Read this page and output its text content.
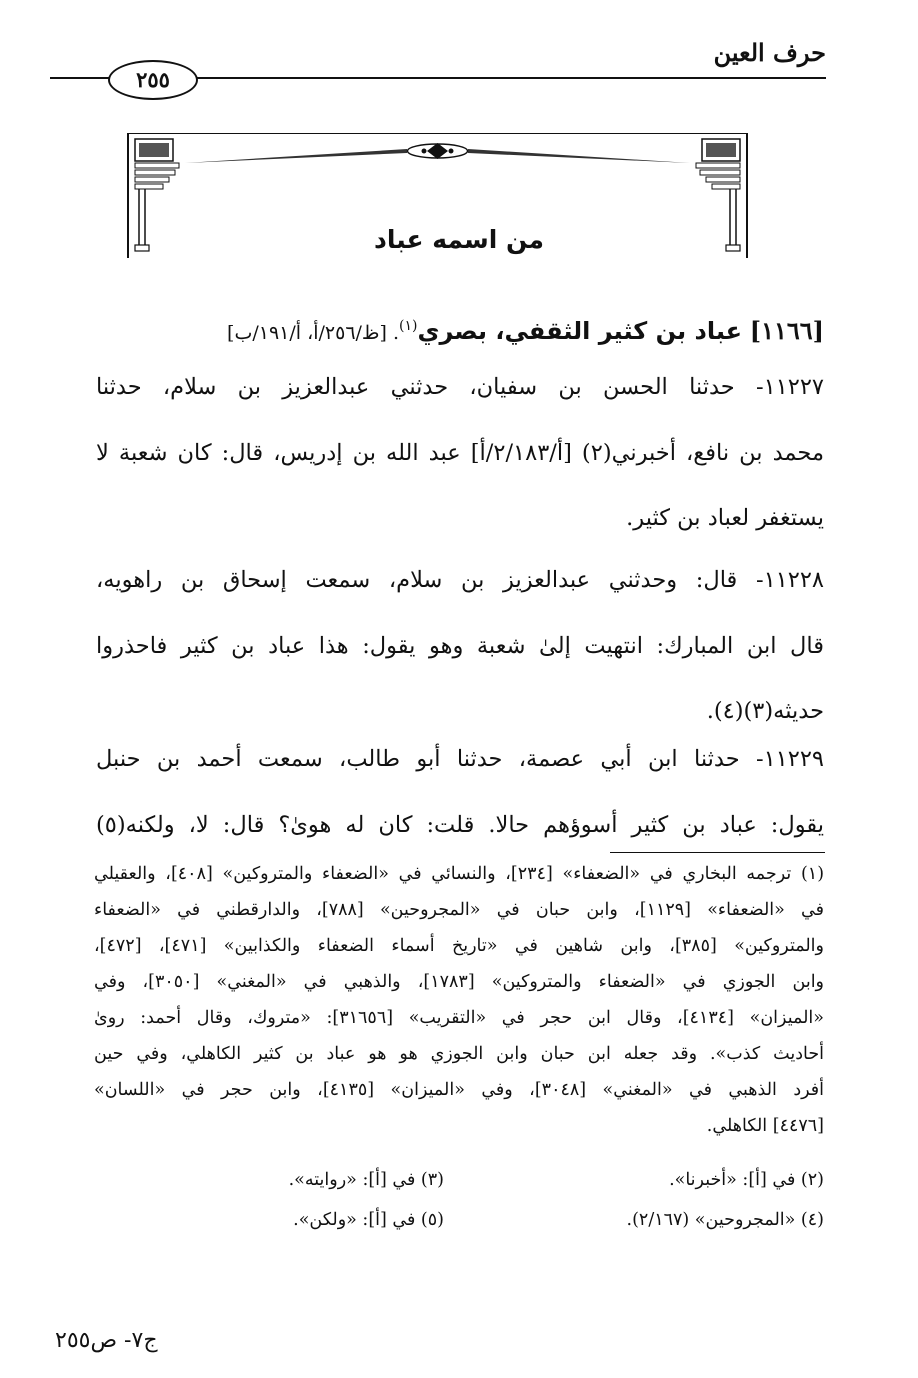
حرف العين
٢٥٥
من اسمه عباد
[١١٦٦] عباد بن كثير الثقفي، بصري$^{(١)}$. [ظ/٢٥٦/أ، أ/١٩١/ب]
١١٢٢٧- حدثنا الحسن بن سفيان، حدثني عبدالعزيز بن سلام، حدثنا
محمد بن نافع، أخبرني(٢) [أ/٢/١٨٣/أ] عبد الله بن إدريس، قال: كان شعبة لا
يستغفر لعباد بن كثير.
١١٢٢٨- قال: وحدثني عبدالعزيز بن سلام، سمعت إسحاق بن راهويه،
قال ابن المبارك: انتهيت إلىٰ شعبة وهو يقول: هذا عباد بن كثير فاحذروا
حديثه(٣)(٤).
١١٢٢٩- حدثنا ابن أبي عصمة، حدثنا أبو طالب، سمعت أحمد بن حنبل
يقول: عباد بن كثير أسوؤهم حالا. قلت: كان له هوىٰ؟ قال: لا، ولكنه(٥)
(١) ترجمه البخاري في «الضعفاء» [٢٣٤]، والنسائي في «الضعفاء والمتروكين» [٤٠٨]، والعقيلي
في «الضعفاء» [١١٢٩]، وابن حبان في «المجروحين» [٧٨٨]، والدارقطني في «الضعفاء
والمتروكين» [٣٨٥]، وابن شاهين في «تاريخ أسماء الضعفاء والكذابين» [٤٧١]، [٤٧٢]،
وابن الجوزي في «الضعفاء والمتروكين» [١٧٨٣]، والذهبي في «المغني» [٣٠٥٠]، وفي
«الميزان» [٤١٣٤]، وقال ابن حجر في «التقريب» [٣١٦٥٦]: «متروك، وقال أحمد: روىٰ
أحاديث كذب». وقد جعله ابن حبان وابن الجوزي هو هو عباد بن كثير الكاهلي، وفي حين
أفرد الذهبي في «المغني» [٣٠٤٨]، وفي «الميزان» [٤١٣٥]، وابن حجر في «اللسان»
[٤٤٧٦] الكاهلي.
(٢) في [أ]: «أخبرنا».
(٣) في [أ]: «روايته».
(٤) «المجروحين» (٢/١٦٧).
(٥) في [أ]: «ولكن».
ج٧- ص٢٥٥
